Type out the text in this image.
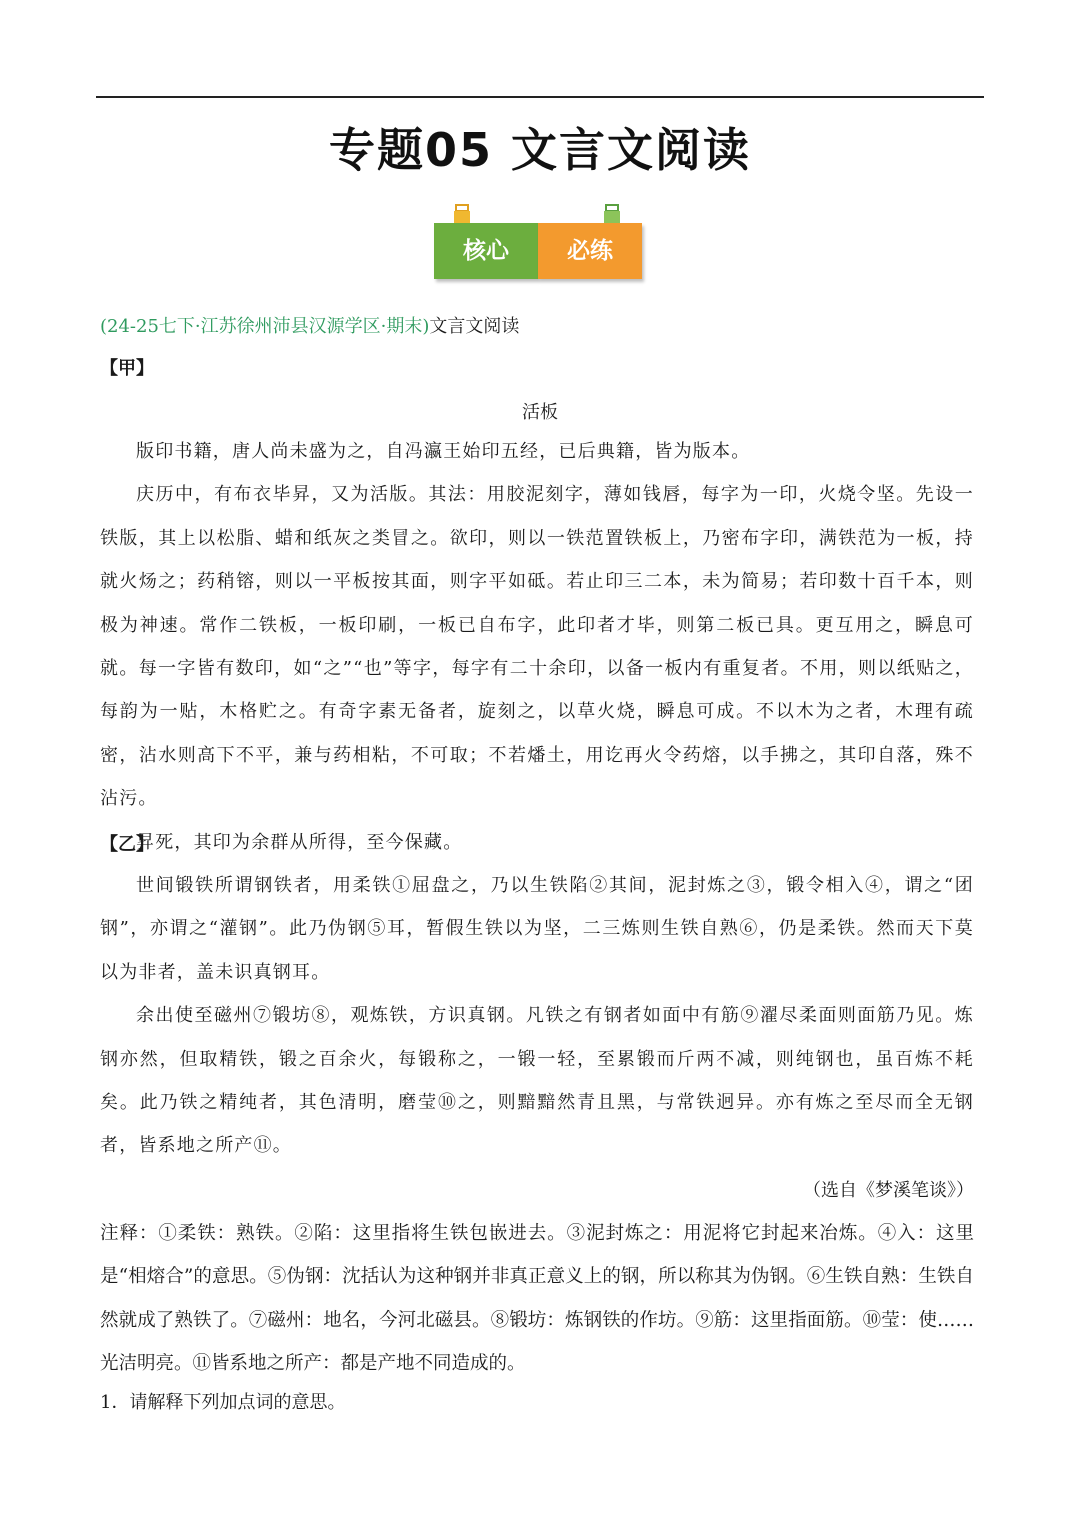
专题05 文言文阅读
核心	必练
(24-25七下·江苏徐州沛县汉源学区·期末)文言文阅读
【甲】
活板

版印书籍，唐人尚未盛为之，自冯瀛王始印五经，已后典籍，皆为版本。

庆历中，有布衣毕昇，又为活版。其法：用胶泥刻字，薄如钱唇，每字为一印，火烧令坚。先设一铁版，其上以松脂、蜡和纸灰之类冒之。欲印，则以一铁范置铁板上，乃密布字印，满铁范为一板，持就火炀之；药稍镕，则以一平板按其面，则字平如砥。若止印三二本，未为简易；若印数十百千本，则极为神速。常作二铁板，一板印刷，一板已自布字，此印者才毕，则第二板已具。更互用之，瞬息可就。每一字皆有数印，如“之”“也”等字，每字有二十余印，以备一板内有重复者。不用，则以纸贴之，每韵为一贴，木格贮之。有奇字素无备者，旋刻之，以草火烧，瞬息可成。不以木为之者，木理有疏密，沾水则高下不平，兼与药相粘，不可取；不若燔土，用讫再火令药熔，以手拂之，其印自落，殊不沾污。

昇死，其印为余群从所得，至今保藏。

【乙】

世间锻铁所谓钢铁者，用柔铁①屈盘之，乃以生铁陷②其间，泥封炼之③，锻令相入④，谓之“团钢”，亦谓之“灌钢”。此乃伪钢⑤耳，暂假生铁以为坚，二三炼则生铁自熟⑥，仍是柔铁。然而天下莫以为非者，盖未识真钢耳。

余出使至磁州⑦锻坊⑧，观炼铁，方识真钢。凡铁之有钢者如面中有筋⑨濯尽柔面则面筋乃见。炼钢亦然，但取精铁，锻之百余火，每锻称之，一锻一轻，至累锻而斤两不减，则纯钢也，虽百炼不耗矣。此乃铁之精纯者，其色清明，磨莹⑩之，则黯黯然青且黑，与常铁迥异。亦有炼之至尽而全无钢者，皆系地之所产⑪。

（选自《梦溪笔谈》）
注释：①柔铁：熟铁。②陷：这里指将生铁包嵌进去。③泥封炼之：用泥将它封起来冶炼。④入：这里是“相熔合”的意思。⑤伪钢：沈括认为这种钢并非真正意义上的钢，所以称其为伪钢。⑥生铁自熟：生铁自然就成了熟铁了。⑦磁州：地名，今河北磁县。⑧锻坊：炼钢铁的作坊。⑨筋：这里指面筋。⑩莹：使……光洁明亮。⑪皆系地之所产：都是产地不同造成的。
1．请解释下列加点词的意思。
